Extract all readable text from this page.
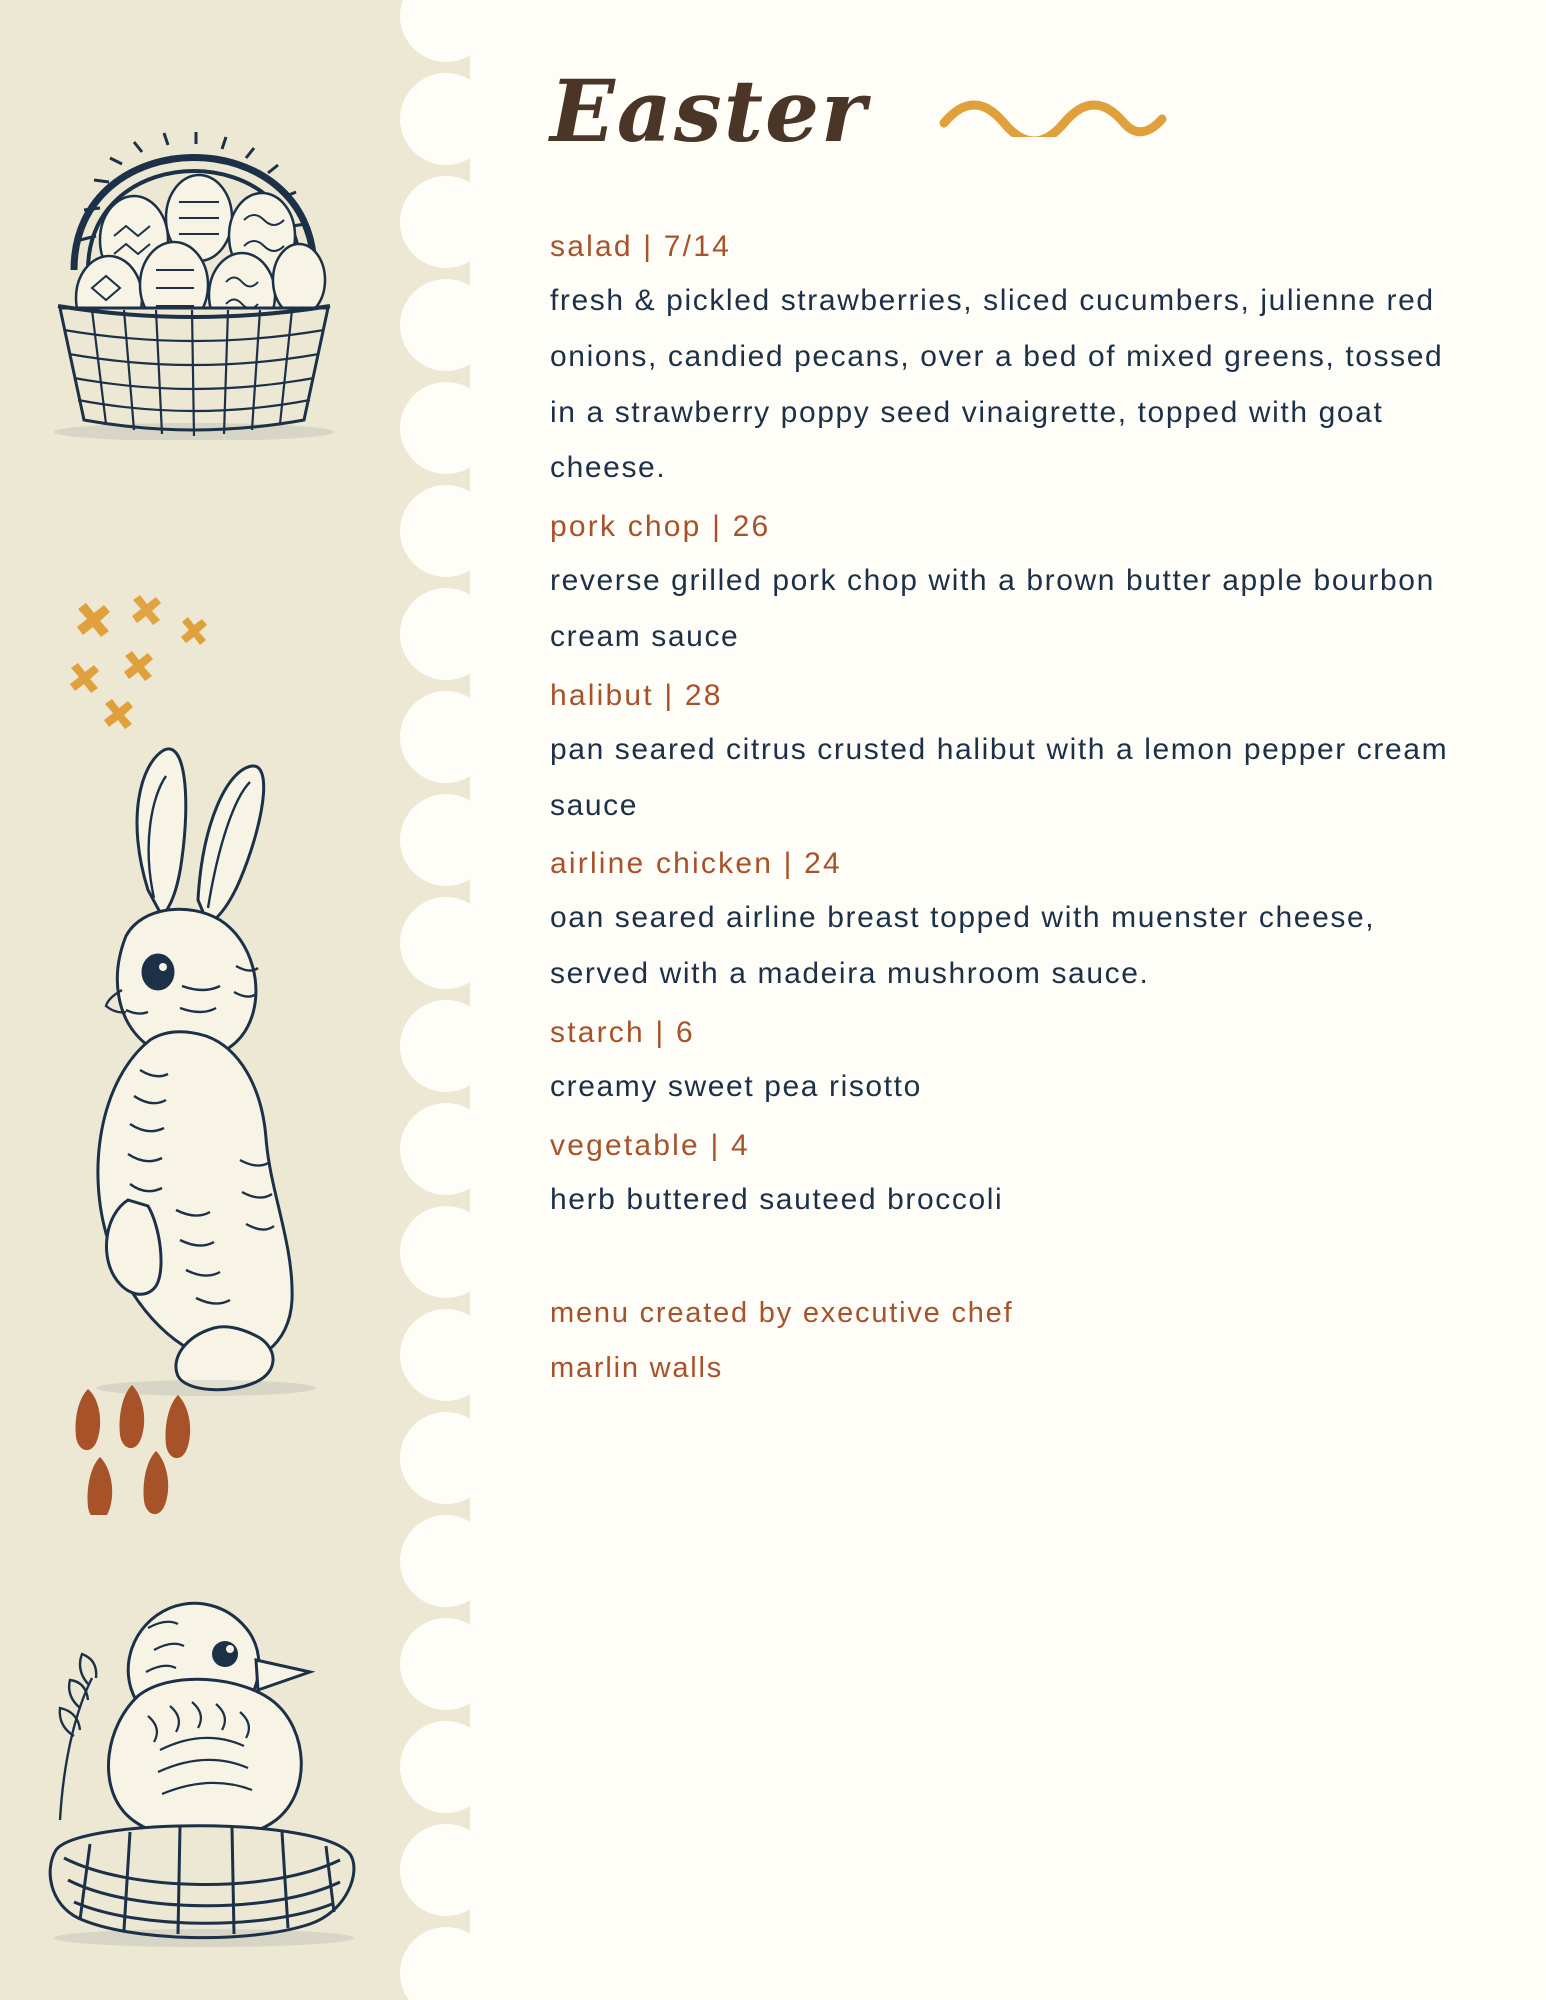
Easter

salad | 7/14

fresh & pickled strawberries, sliced cucumbers, julienne red onions, candied pecans, over a bed of mixed greens, tossed in a strawberry poppy seed vinaigrette, topped with goat cheese.

pork chop | 26

reverse grilled pork chop with a brown butter apple bourbon cream sauce

halibut | 28

pan seared citrus crusted halibut with a lemon pepper cream sauce

airline chicken | 24

oan seared airline breast topped with muenster cheese, served with a madeira mushroom sauce.

starch | 6

creamy sweet pea risotto

vegetable | 4

herb buttered sauteed broccoli

menu created by executive chef

marlin walls
